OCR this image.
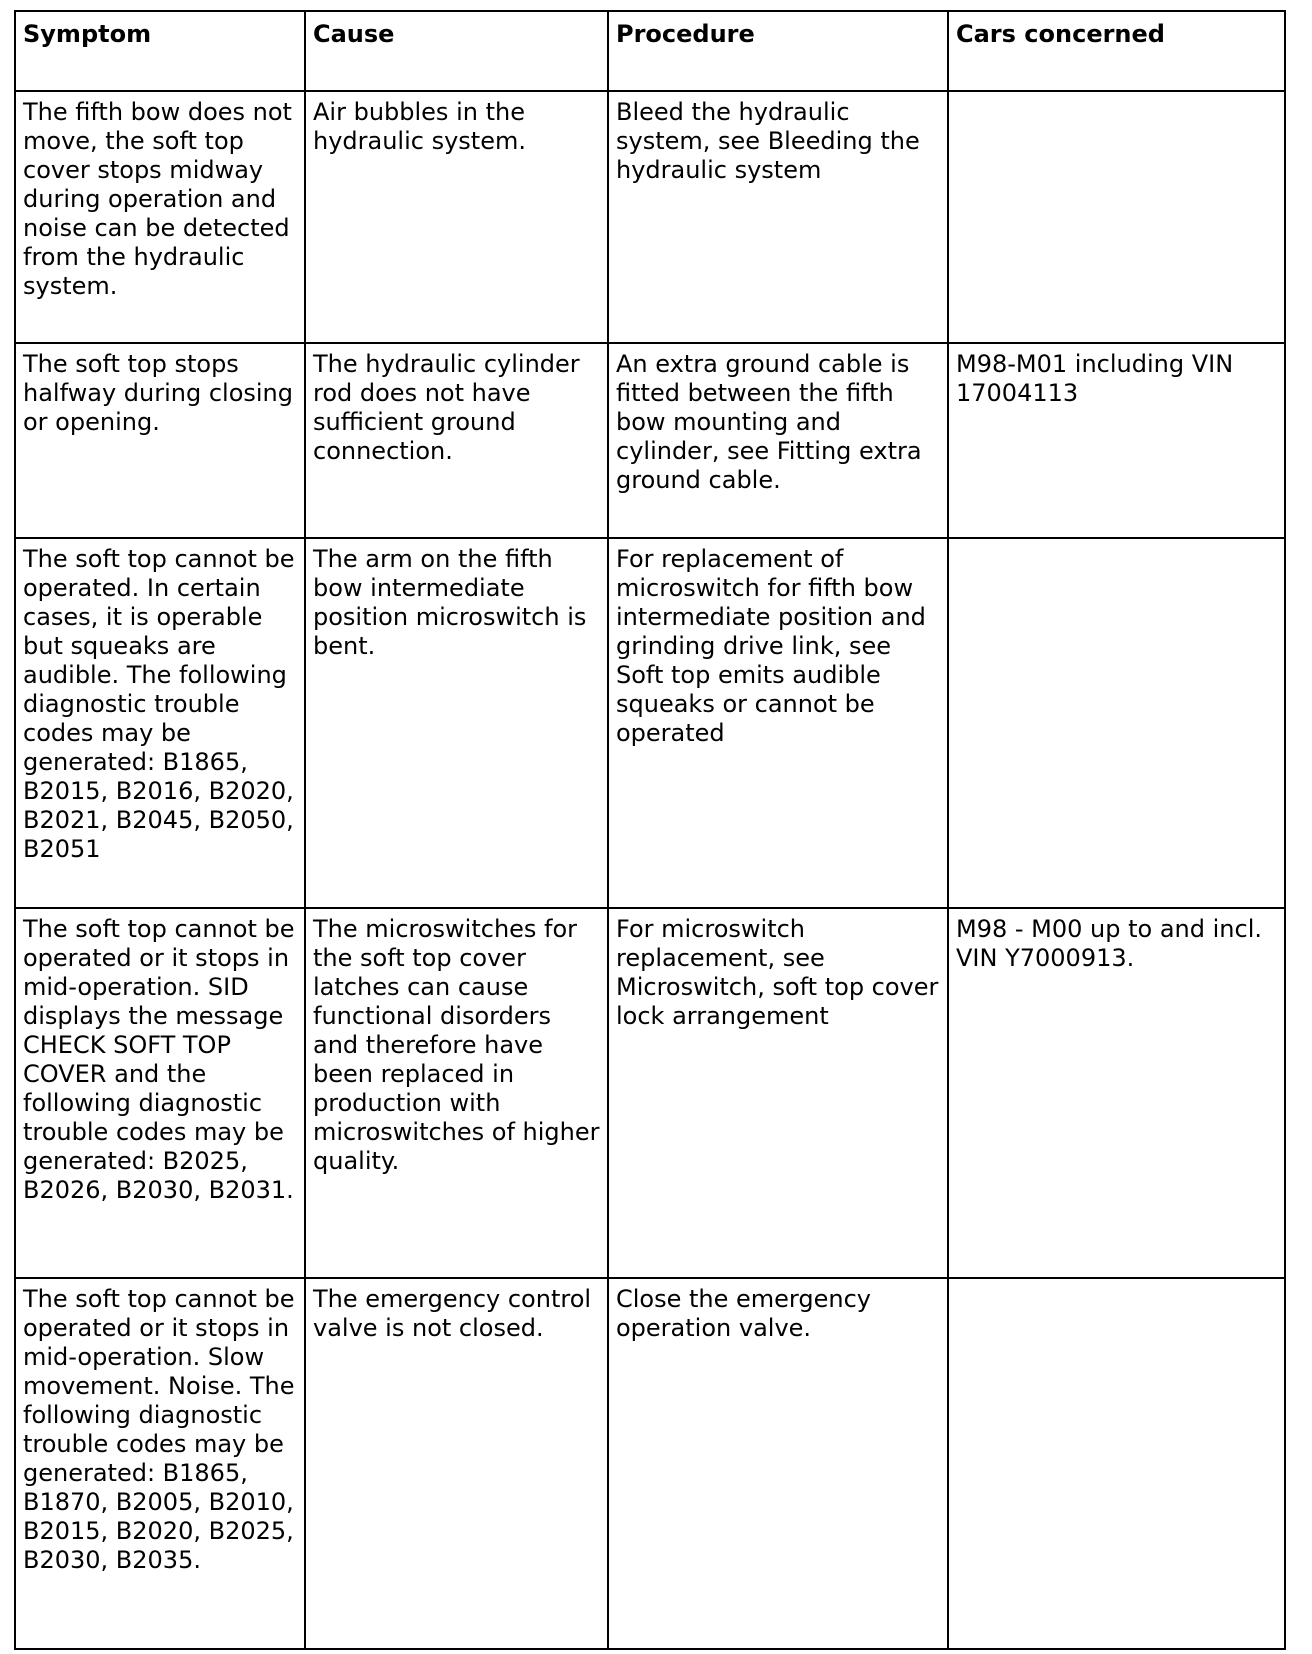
Symptom	Cause	Procedure	Cars concerned
The fifth bow does not move, the soft top cover stops midway during operation and noise can be detected from the hydraulic system.	Air bubbles in the hydraulic system.	Bleed the hydraulic system, see Bleeding the hydraulic system	
The soft top stops halfway during closing or opening.	The hydraulic cylinder rod does not have sufficient ground connection.	An extra ground cable is fitted between the fifth bow mounting and cylinder, see Fitting extra ground cable.	M98-M01 including VIN 17004113
The soft top cannot be operated. In certain cases, it is operable but squeaks are audible. The following diagnostic trouble codes may be generated: B1865, B2015, B2016, B2020, B2021, B2045, B2050, B2051	The arm on the fifth bow intermediate position microswitch is bent.	For replacement of microswitch for fifth bow intermediate position and grinding drive link, see Soft top emits audible squeaks or cannot be operated	
The soft top cannot be operated or it stops in mid-operation. SID displays the message CHECK SOFT TOP COVER and the following diagnostic trouble codes may be generated: B2025, B2026, B2030, B2031.	The microswitches for the soft top cover latches can cause functional disorders and therefore have been replaced in production with microswitches of higher quality.	For microswitch replacement, see Microswitch, soft top cover lock arrangement	M98 - M00 up to and incl. VIN Y7000913.
The soft top cannot be operated or it stops in mid-operation. Slow movement. Noise. The following diagnostic trouble codes may be generated: B1865, B1870, B2005, B2010, B2015, B2020, B2025, B2030, B2035.	The emergency control valve is not closed.	Close the emergency operation valve.	
